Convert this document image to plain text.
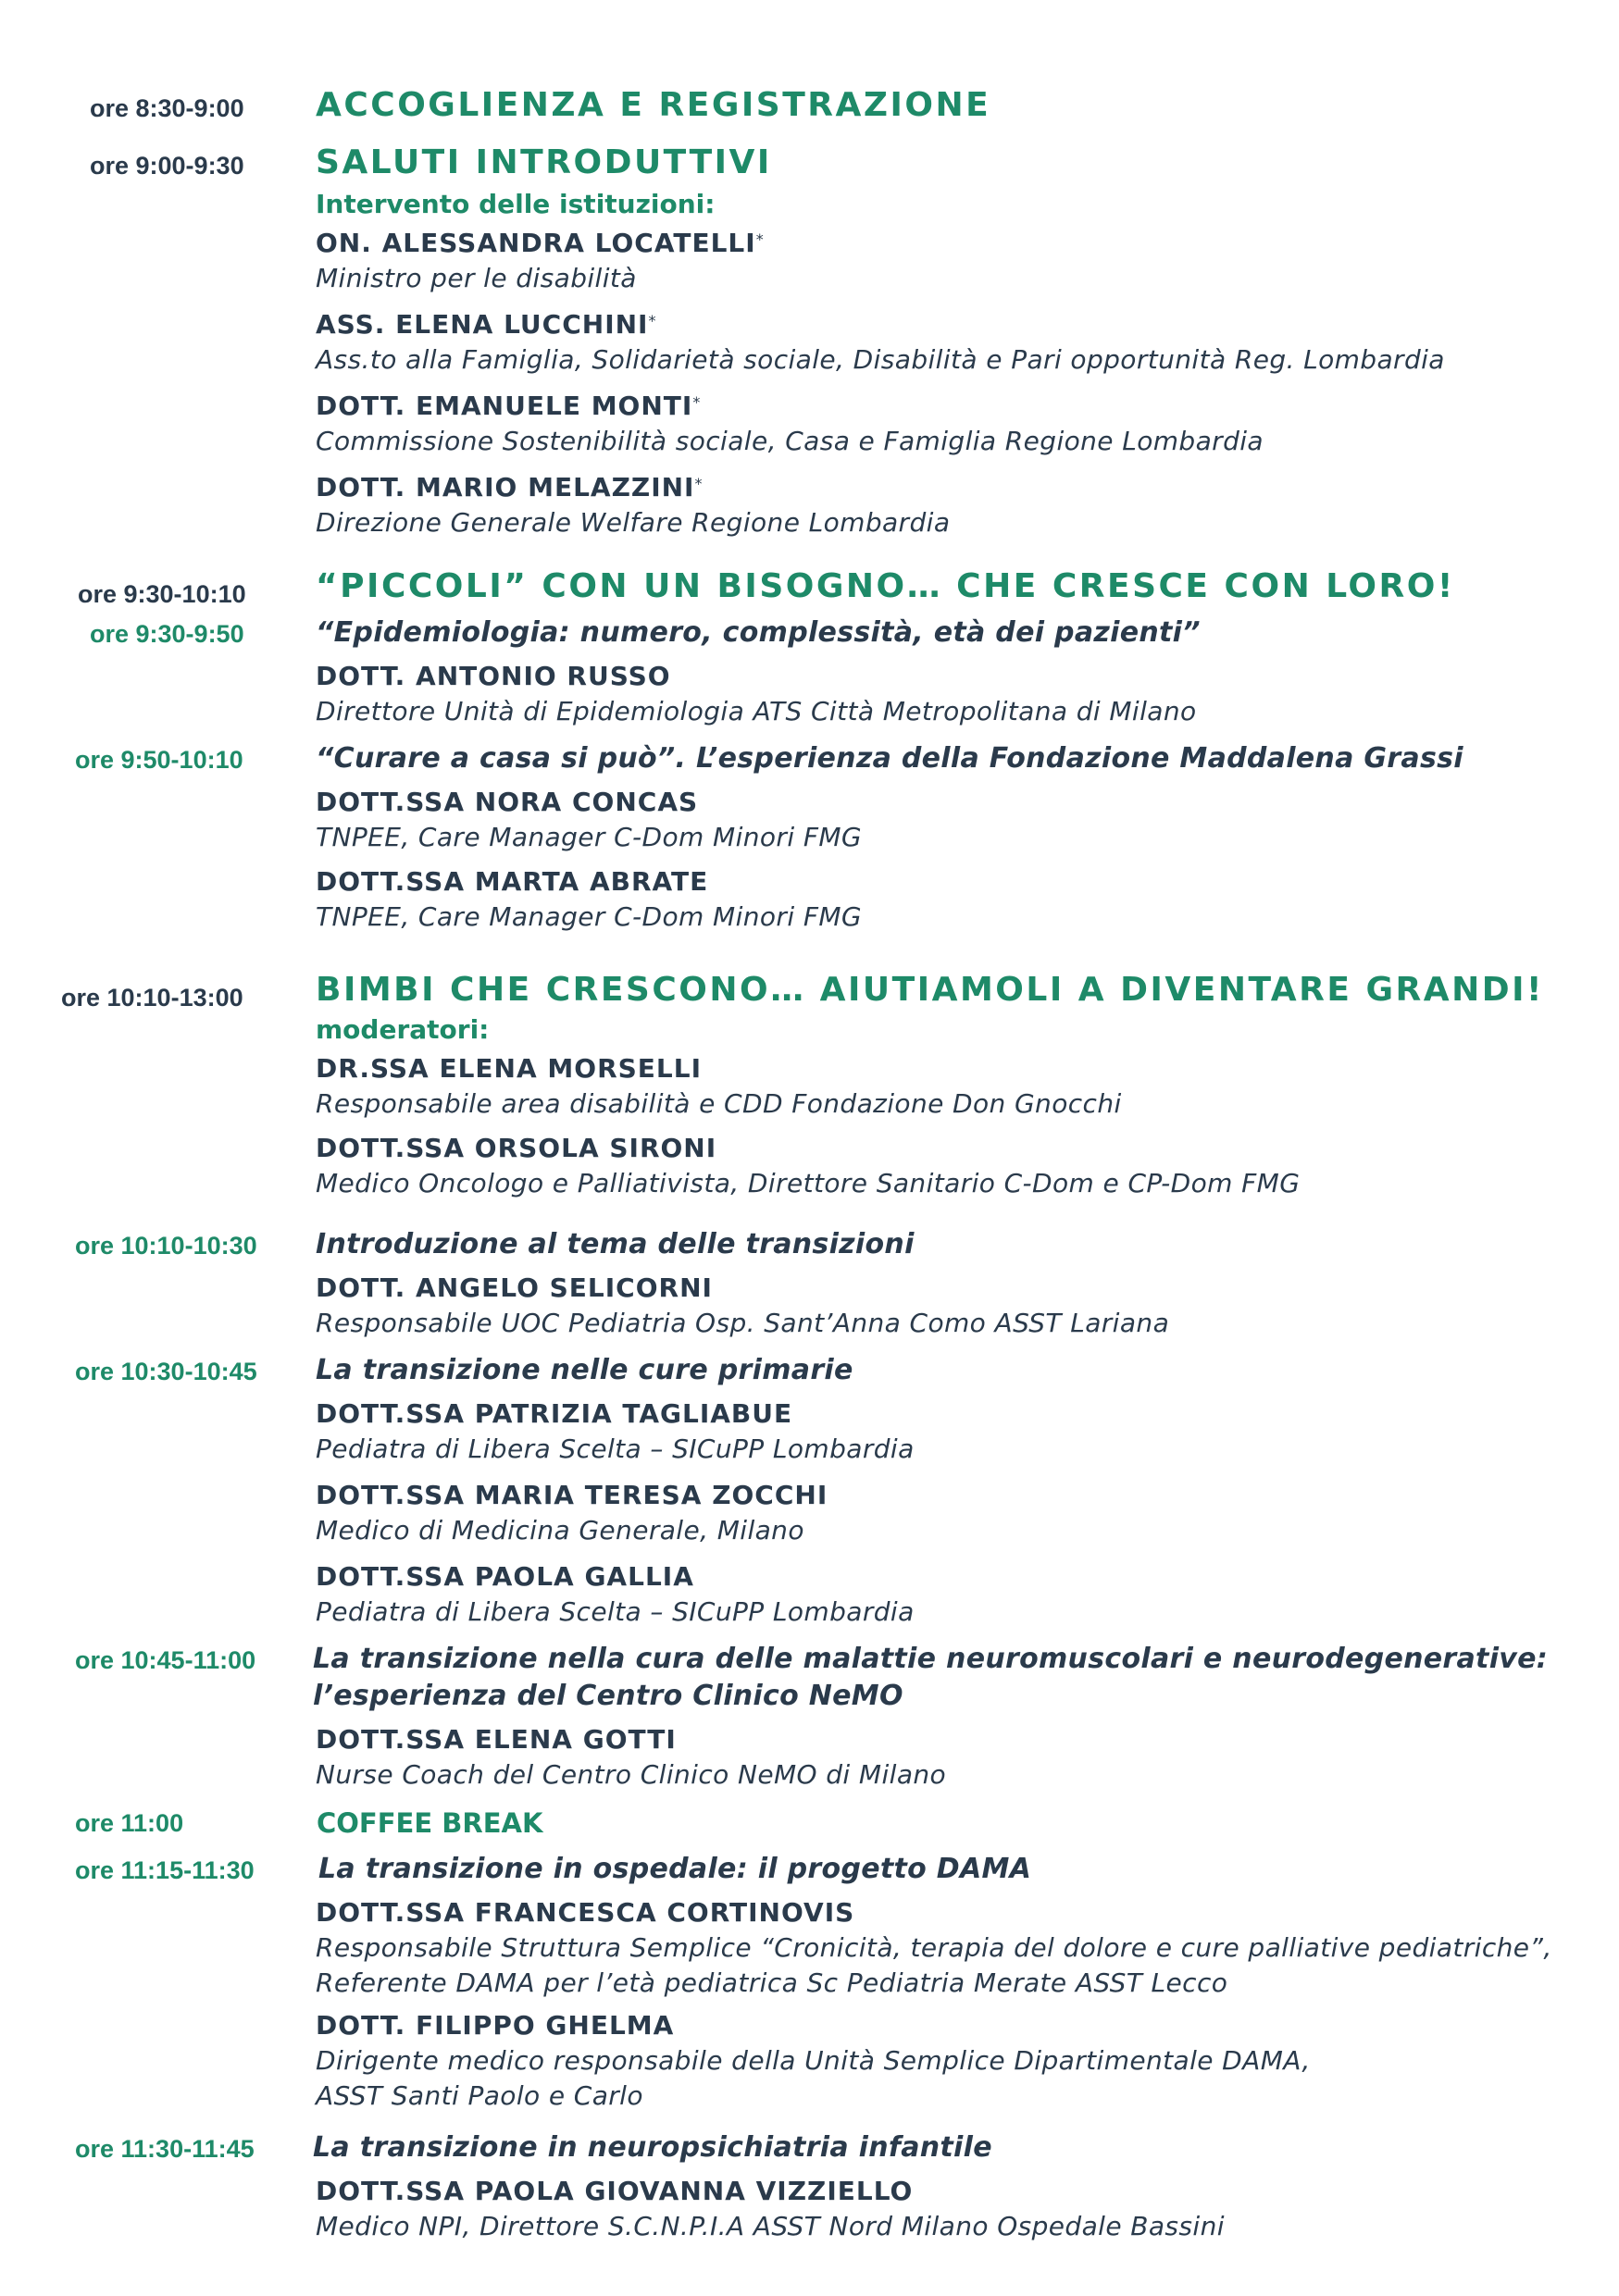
ore 8:30-9:00 ACCOGLIENZA E REGISTRAZIONE
ore 9:00-9:30 SALUTI INTRODUTTIVI
Intervento delle istituzioni:
ON. ALESSANDRA LOCATELLI*
Ministro per le disabilità
ASS. ELENA LUCCHINI*
Ass.to alla Famiglia, Solidarietà sociale, Disabilità e Pari opportunità Reg. Lombardia
DOTT. EMANUELE MONTI*
Commissione Sostenibilità sociale, Casa e Famiglia Regione Lombardia
DOTT. MARIO MELAZZINI*
Direzione Generale Welfare Regione Lombardia
ore 9:30-10:10 “PICCOLI” CON UN BISOGNO… CHE CRESCE CON LORO!
ore 9:30-9:50	“Epidemiologia: numero, complessità, età dei pazienti”
DOTT. ANTONIO RUSSO
Direttore Unità di Epidemiologia ATS Città Metropolitana di Milano
ore 9:50-10:10	“Curare a casa si può”. L’esperienza della Fondazione Maddalena Grassi
DOTT.SSA NORA CONCAS
TNPEE, Care Manager C-Dom Minori FMG
DOTT.SSA MARTA ABRATE
TNPEE, Care Manager C-Dom Minori FMG
ore 10:10-13:00 BIMBI CHE CRESCONO… AIUTIAMOLI A DIVENTARE GRANDI!
moderatori:
DR.SSA ELENA MORSELLI
Responsabile area disabilità e CDD Fondazione Don Gnocchi
DOTT.SSA ORSOLA SIRONI
Medico Oncologo e Palliativista, Direttore Sanitario C-Dom e CP-Dom FMG
ore 10:10-10:30 Introduzione al tema delle transizioni
DOTT. ANGELO SELICORNI
Responsabile UOC Pediatria Osp. Sant’Anna Como ASST Lariana
ore 10:30-10:45 La transizione nelle cure primarie
DOTT.SSA PATRIZIA TAGLIABUE
Pediatra di Libera Scelta – SICuPP Lombardia
DOTT.SSA MARIA TERESA ZOCCHI
Medico di Medicina Generale, Milano
DOTT.SSA PAOLA GALLIA
Pediatra di Libera Scelta – SICuPP Lombardia
ore 10:45-11:00 La transizione nella cura delle malattie neuromuscolari e neurodegenerative:
l’esperienza del Centro Clinico NeMO
DOTT.SSA ELENA GOTTI
Nurse Coach del Centro Clinico NeMO di Milano
ore 11:00	COFFEE BREAK
ore 11:15-11:30 La transizione in ospedale: il progetto DAMA
DOTT.SSA FRANCESCA CORTINOVIS
Responsabile Struttura Semplice “Cronicità, terapia del dolore e cure palliative pediatriche”,
Referente DAMA per l’età pediatrica Sc Pediatria Merate ASST Lecco
DOTT. FILIPPO GHELMA
Dirigente medico responsabile della Unità Semplice Dipartimentale DAMA,
ASST Santi Paolo e Carlo
ore 11:30-11:45 La transizione in neuropsichiatria infantile
DOTT.SSA PAOLA GIOVANNA VIZZIELLO
Medico NPI, Direttore S.C.N.P.I.A ASST Nord Milano Ospedale Bassini
